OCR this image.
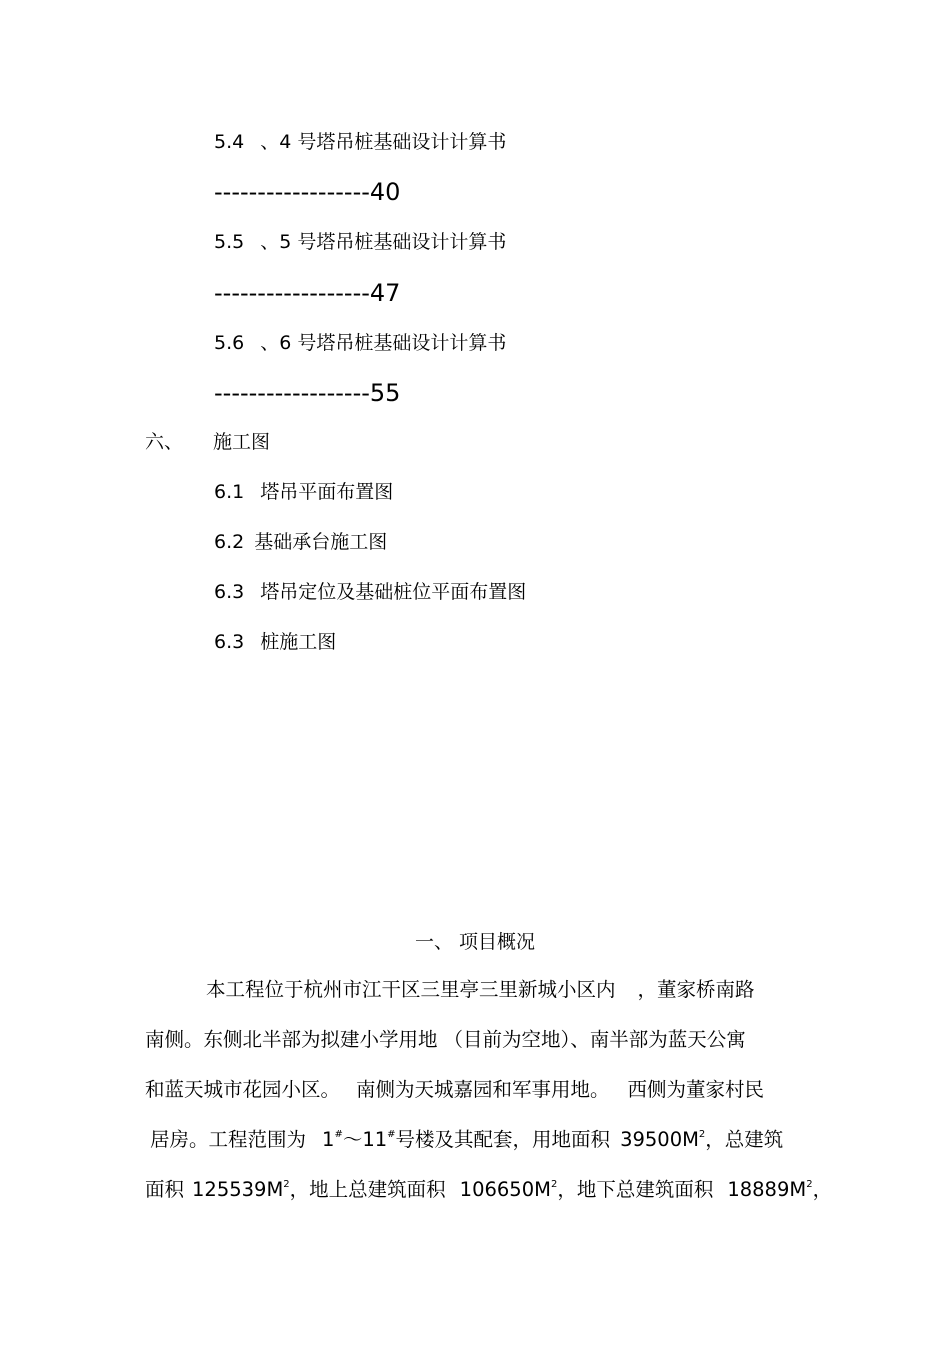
5.4 、4 号塔吊桩基础设计计算书
------------------40
5.5 、5 号塔吊桩基础设计计算书
------------------47
5.6 、6 号塔吊桩基础设计计算书
------------------55
六、 施工图
6.1 塔吊平面布置图
6.2 基础承台施工图
6.3 塔吊定位及基础桩位平面布置图
6.3 桩施工图
一、 项目概况
本工程位于杭州市江干区三里亭三里新城小区内 ，董家桥南路
南侧。东侧北半部为拟建小学用地 （目前为空地）、南半部为蓝天公寓
和蓝天城市花园小区。 南侧为天城嘉园和军事用地。 西侧为董家村民
居房。工程范围为 1#～11#号楼及其配套，用地面积 $39500M^2$，总建筑
面积 $125539M^2$，地上总建筑面积 $106650M^2$，地下总建筑面积 $18889M^2$，
